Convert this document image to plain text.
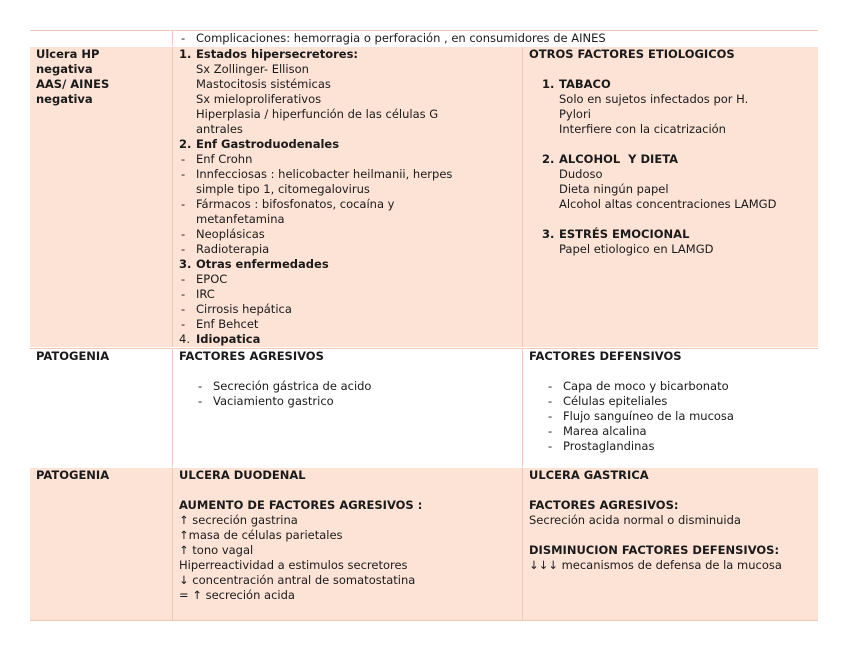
- Complicaciones: hemorragia o perforación , en consumidores de AINES
Ulcera HP
negativa
AAS/ AINES
negativa
1. Estados hipersecretores:
Sx Zollinger- Ellison
Mastocitosis sistémicas
Sx mieloproliferativos
Hiperplasia / hiperfunción de las células G
antrales
2. Enf Gastroduodenales
- Enf Crohn
- Innfecciosas : helicobacter heilmanii, herpes
simple tipo 1, citomegalovirus
- Fármacos : bifosfonatos, cocaína y
metanfetamina
- Neoplásicas
- Radioterapia
3. Otras enfermedades
- EPOC
- IRC
- Cirrosis hepática
- Enf Behcet
4. Idiopatica
OTROS FACTORES ETIOLOGICOS
1. TABACO
Solo en sujetos infectados por H.
Pylori
Interfiere con la cicatrización
2. ALCOHOL  Y DIETA
Dudoso
Dieta ningún papel
Alcohol altas concentraciones LAMGD
3. ESTRÉS EMOCIONAL
Papel etiologico en LAMGD
PATOGENIA	FACTORES AGRESIVOS
- Secreción gástrica de acido
- Vaciamiento gastrico
FACTORES DEFENSIVOS
- Capa de moco y bicarbonato
- Células epiteliales
- Flujo sanguíneo de la mucosa
- Marea alcalina
- Prostaglandinas
PATOGENIA	ULCERA DUODENAL
AUMENTO DE FACTORES AGRESIVOS :
↑ secreción gastrina
↑masa de células parietales
↑ tono vagal
Hiperreactividad a estimulos secretores
↓ concentración antral de somatostatina
= ↑ secreción acida
ULCERA GASTRICA
FACTORES AGRESIVOS:
Secreción acida normal o disminuida
DISMINUCION FACTORES DEFENSIVOS:
↓↓↓ mecanismos de defensa de la mucosa
